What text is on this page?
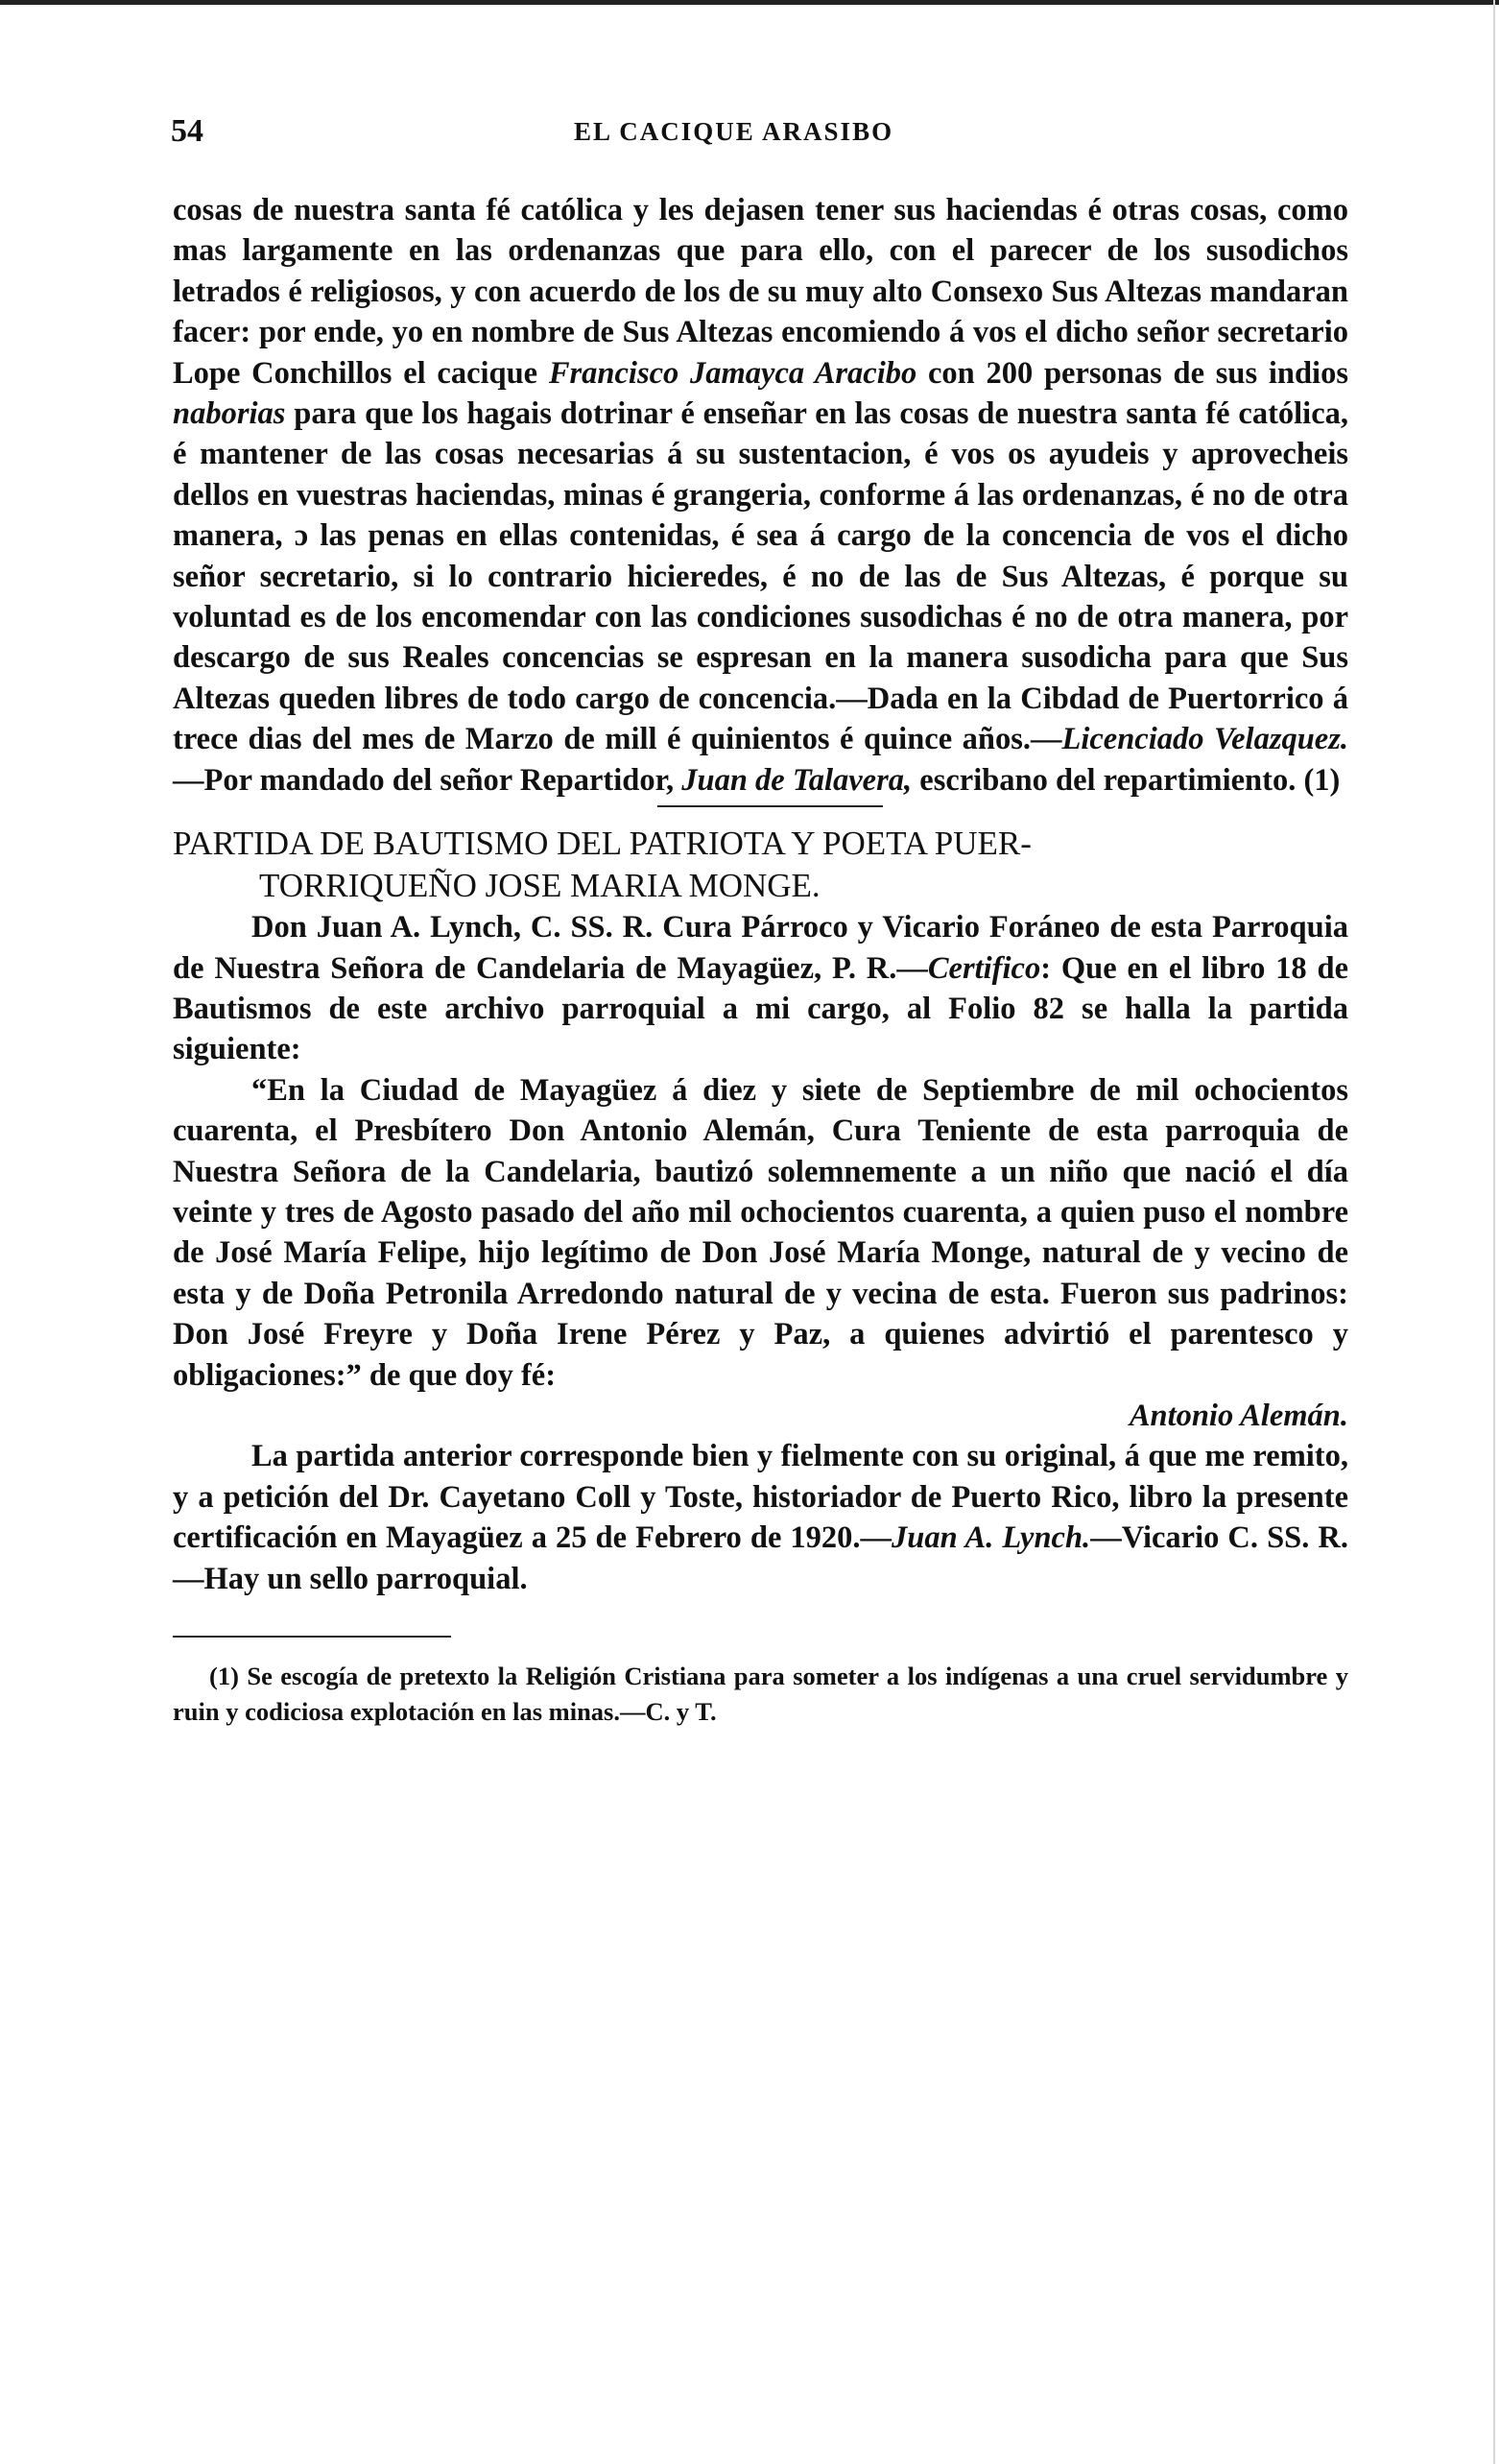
54	EL CACIQUE ARASIBO

cosas de nuestra santa fé católica y les dejasen tener sus haciendas é otras cosas, como mas largamente en las ordenanzas que para ello, con el parecer de los susodichos letrados é religiosos, y con acuerdo de los de su muy alto Consexo Sus Altezas mandaran facer: por ende, yo en nombre de Sus Altezas encomiendo á vos el dicho señor secretario Lope Conchillos el cacique Francisco Jamayca Aracibo con 200 personas de sus indios naborias para que los hagais dotrinar é enseñar en las cosas de nuestra santa fé católica, é mantener de las cosas necesarias á su sustentacion, é vos os ayudeis y aprovecheis dellos en vuestras haciendas, minas é grangeria, conforme á las ordenanzas, é no de otra manera, ɔ las penas en ellas contenidas, é sea á cargo de la concencia de vos el dicho señor secretario, si lo contrario hicieredes, é no de las de Sus Altezas, é porque su voluntad es de los encomendar con las condiciones susodichas é no de otra manera, por descargo de sus Reales concencias se espresan en la manera susodicha para que Sus Altezas queden libres de todo cargo de concencia.—Dada en la Cibdad de Puertorrico á trece dias del mes de Marzo de mill é quinientos é quince años.—Licenciado Velazquez.—Por mandado del señor Repartidor, Juan de Talavera, escribano del repartimiento. (1)

PARTIDA DE BAUTISMO DEL PATRIOTA Y POETA PUER-
TORRIQUEÑO JOSE MARIA MONGE.

Don Juan A. Lynch, C. SS. R. Cura Párroco y Vicario Foráneo de esta Parroquia de Nuestra Señora de Candelaria de Mayagüez, P. R.—Certifico: Que en el libro 18 de Bautismos de este archivo parroquial a mi cargo, al Folio 82 se halla la partida siguiente:

“En la Ciudad de Mayagüez á diez y siete de Septiembre de mil ochocientos cuarenta, el Presbítero Don Antonio Alemán, Cura Teniente de esta parroquia de Nuestra Señora de la Candelaria, bautizó solemnemente a un niño que nació el día veinte y tres de Agosto pasado del año mil ochocientos cuarenta, a quien puso el nombre de José María Felipe, hijo legítimo de Don José María Monge, natural de y vecino de esta y de Doña Petronila Arredondo natural de y vecina de esta. Fueron sus padrinos: Don José Freyre y Doña Irene Pérez y Paz, a quienes advirtió el parentesco y obligaciones:” de que doy fé:

Antonio Alemán.

La partida anterior corresponde bien y fielmente con su original, á que me remito, y a petición del Dr. Cayetano Coll y Toste, historiador de Puerto Rico, libro la presente certificación en Mayagüez a 25 de Febrero de 1920.—Juan A. Lynch.—Vicario C. SS. R.—Hay un sello parroquial.

(1) Se escogía de pretexto la Religión Cristiana para someter a los indígenas a una cruel servidumbre y ruin y codiciosa explotación en las minas.—C. y T.
